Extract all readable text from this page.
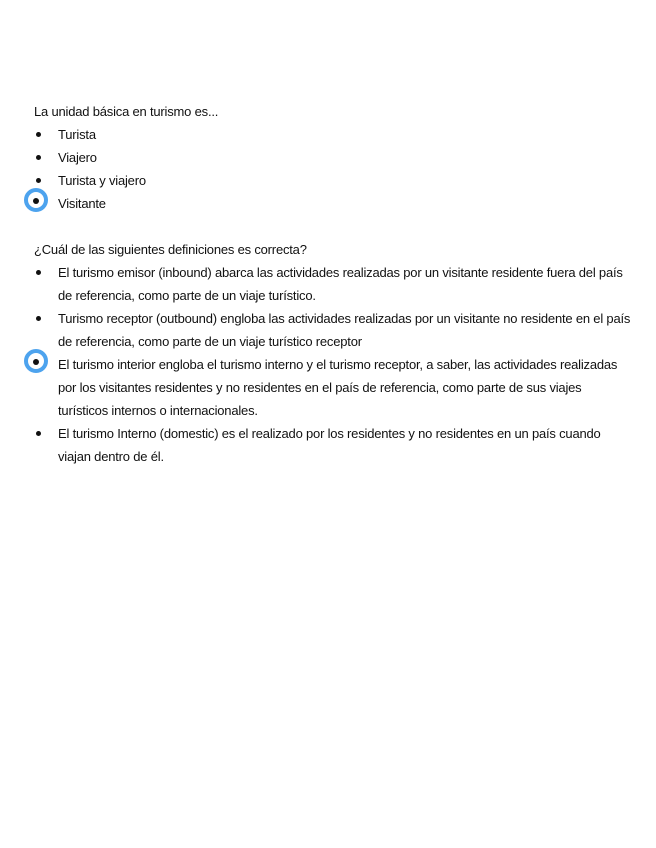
La unidad básica en turismo es...
Turista
Viajero
Turista y viajero
Visitante
¿Cuál de las siguientes definiciones es correcta?
El turismo emisor (inbound) abarca las actividades realizadas por un visitante residente fuera del país de referencia, como parte de un viaje turístico.
Turismo receptor (outbound) engloba las actividades realizadas por un visitante no residente en el país de referencia, como parte de un viaje turístico receptor
El turismo interior engloba el turismo interno y el turismo receptor, a saber, las actividades realizadas por los visitantes residentes y no residentes en el país de referencia, como parte de sus viajes turísticos internos o internacionales.
El turismo Interno (domestic) es el realizado por los residentes y no residentes en un país cuando viajan dentro de él.
